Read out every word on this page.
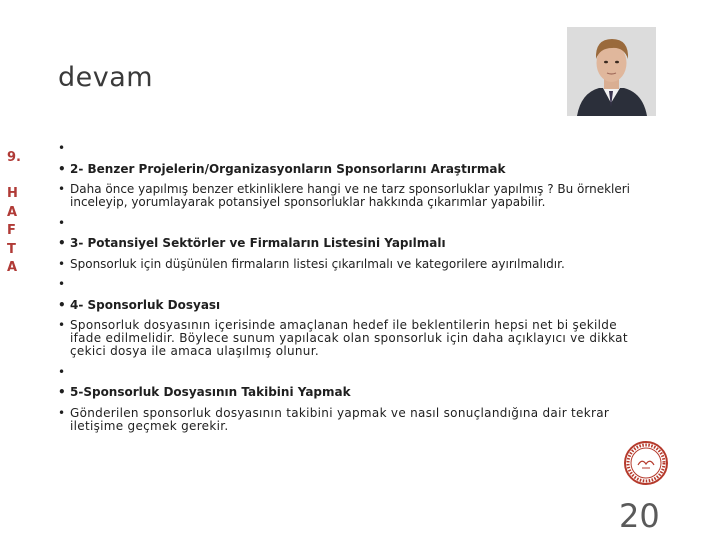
devam
9.
H
A
F
T
A
•
• 2- Benzer Projelerin/Organizasyonların Sponsorlarını Araştırmak
• Daha önce yapılmış benzer etkinliklere hangi ve ne tarz sponsorluklar yapılmış ? Bu örnekleri inceleyip, yorumlayarak potansiyel sponsorluklar hakkında çıkarımlar yapabilir.
•
• 3- Potansiyel Sektörler ve Firmaların Listesini Yapılmalı
• Sponsorluk için düşünülen firmaların listesi çıkarılmalı ve kategorilere ayırılmalıdır.
•
• 4- Sponsorluk Dosyası
• Sponsorluk dosyasının içerisinde amaçlanan hedef ile beklentilerin hepsi net bi şekilde ifade edilmelidir. Böylece sunum yapılacak olan sponsorluk için daha açıklayıcı ve dikkat çekici dosya ile amaca ulaşılmış olunur.
•
• 5-Sponsorluk Dosyasının Takibini Yapmak
• Gönderilen sponsorluk dosyasının takibini yapmak ve nasıl sonuçlandığına dair tekrar iletişime geçmek gerekir.
20
